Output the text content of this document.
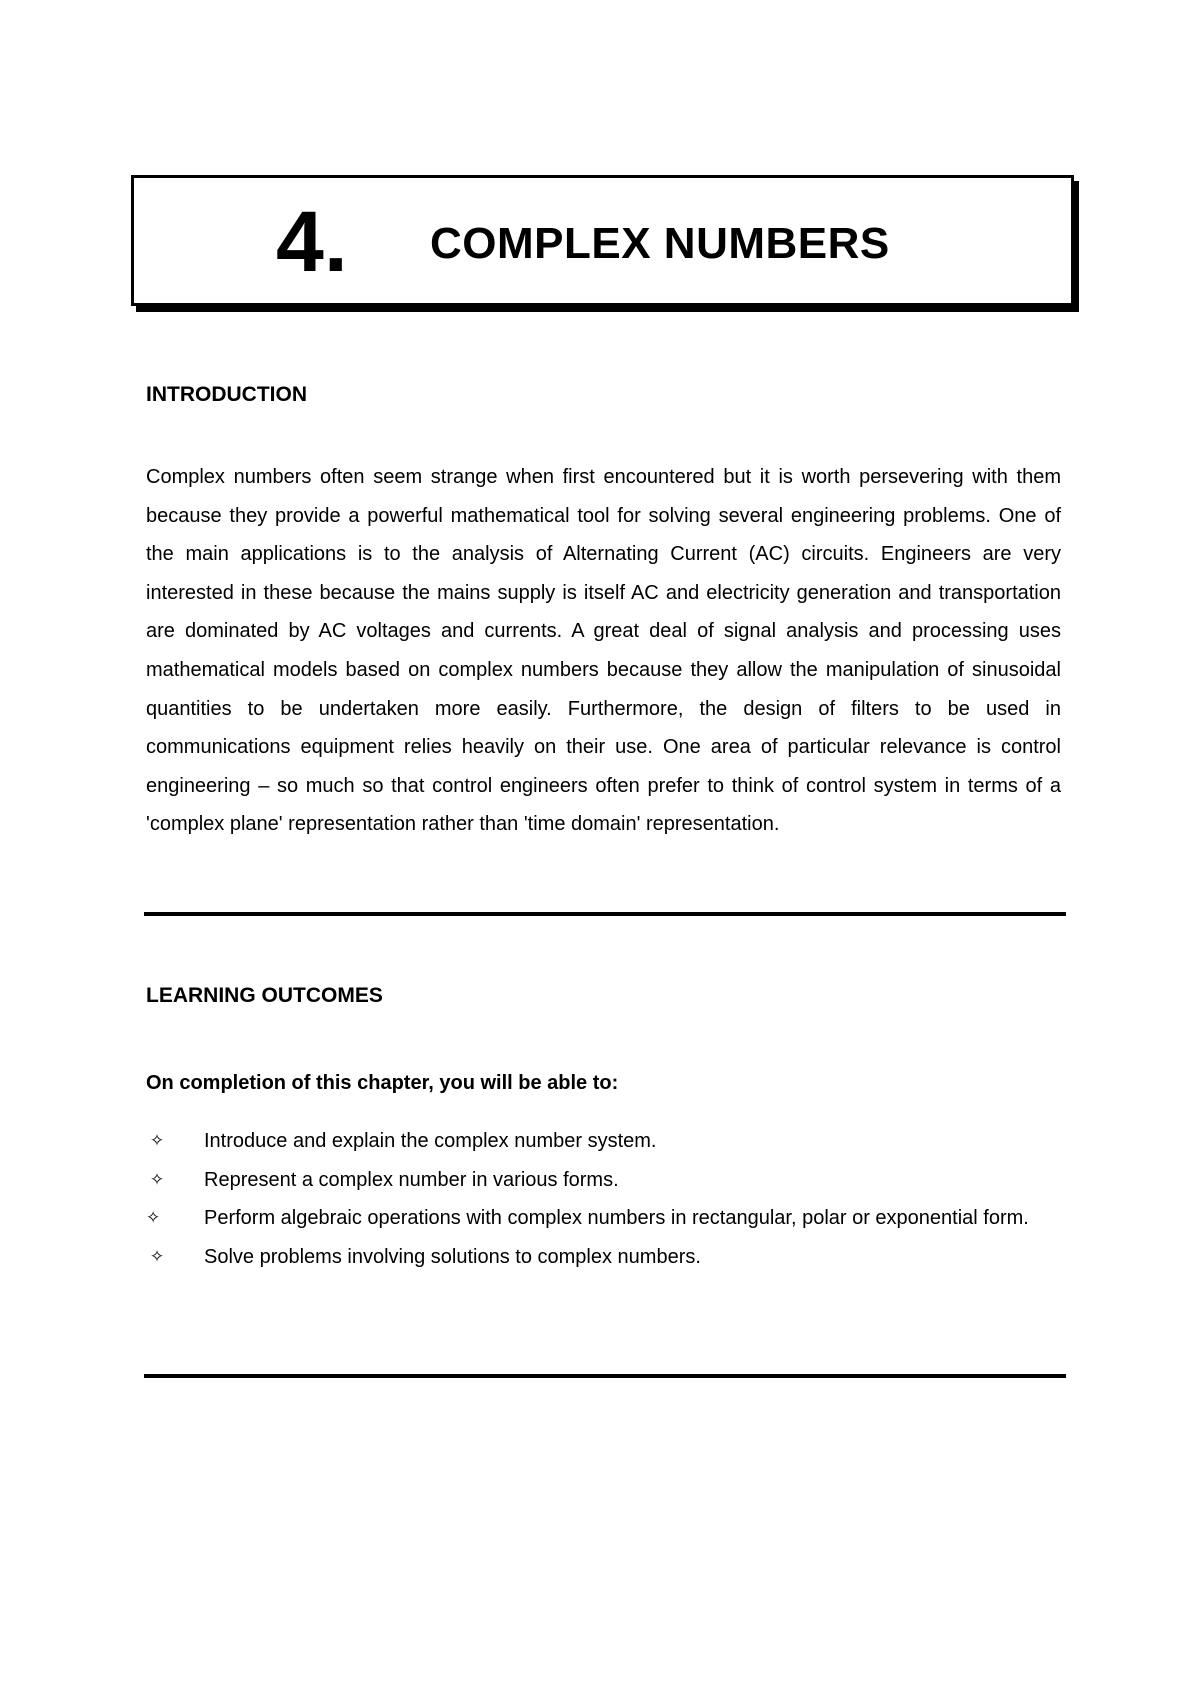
4. COMPLEX NUMBERS
INTRODUCTION

Complex numbers often seem strange when first encountered but it is worth persevering with them because they provide a powerful mathematical tool for solving several engineering problems. One of the main applications is to the analysis of Alternating Current (AC) circuits. Engineers are very interested in these because the mains supply is itself AC and electricity generation and transportation are dominated by AC voltages and currents. A great deal of signal analysis and processing uses mathematical models based on complex numbers because they allow the manipulation of sinusoidal quantities to be undertaken more easily. Furthermore, the design of filters to be used in communications equipment relies heavily on their use. One area of particular relevance is control engineering – so much so that control engineers often prefer to think of control system in terms of a 'complex plane' representation rather than 'time domain' representation.

LEARNING OUTCOMES

On completion of this chapter, you will be able to:

✧ Introduce and explain the complex number system.
✧ Represent a complex number in various forms.
✧	Perform algebraic operations with complex numbers in rectangular, polar or exponential form.
✧ Solve problems involving solutions to complex numbers.
